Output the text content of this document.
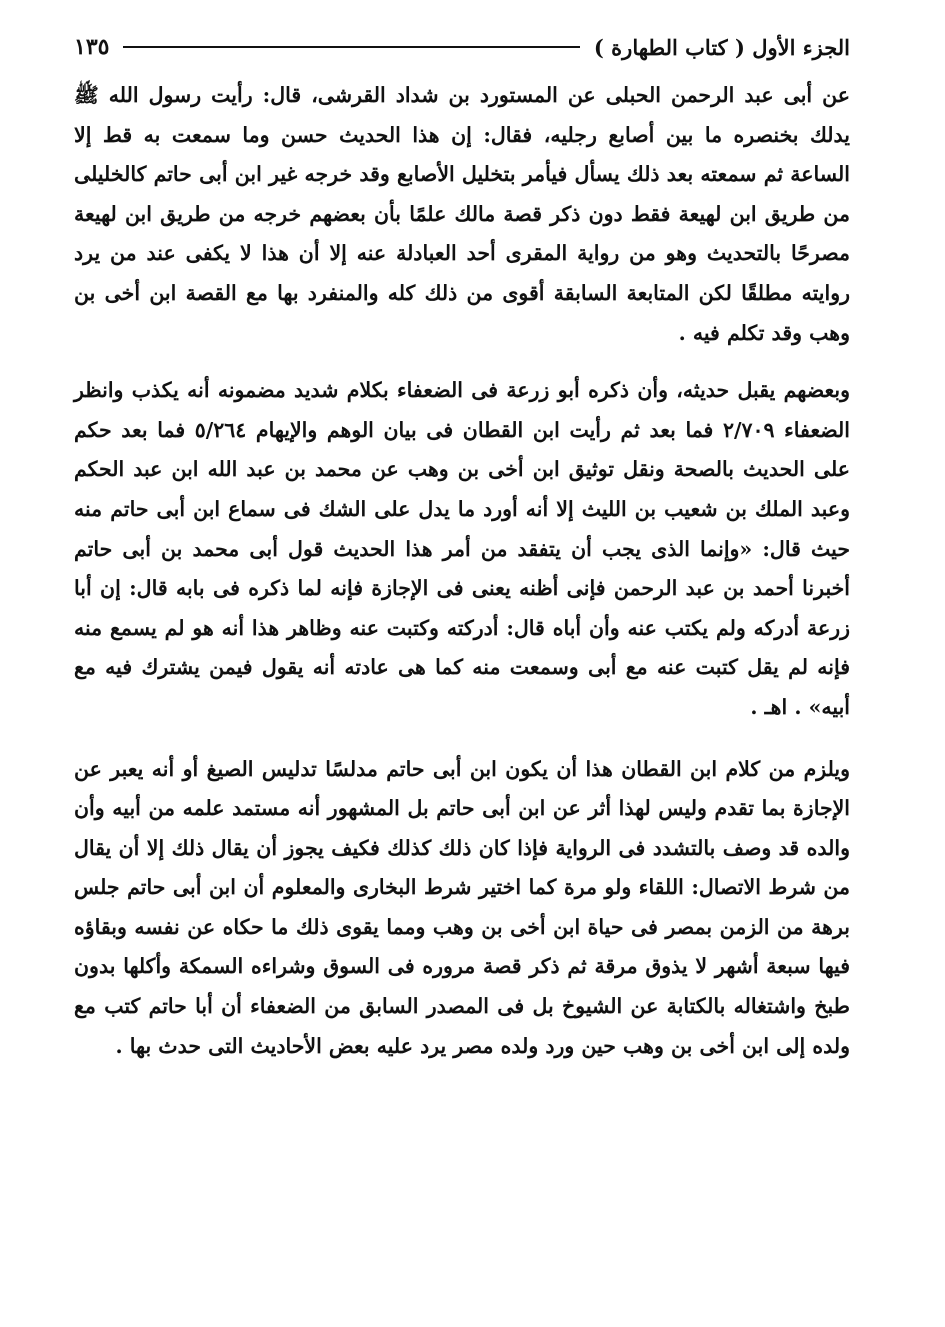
الجزء الأول ( كتاب الطهارة )
١٣٥

عن أبى عبد الرحمن الحبلى عن المستورد بن شداد القرشى، قال: رأيت رسول الله ﷺ يدلك بخنصره ما بين أصابع رجليه، فقال: إن هذا الحديث حسن وما سمعت به قط إلا الساعة ثم سمعته بعد ذلك يسأل فيأمر بتخليل الأصابع وقد خرجه غير ابن أبى حاتم كالخليلى من طريق ابن لهيعة فقط دون ذكر قصة مالك علمًا بأن بعضهم خرجه من طريق ابن لهيعة مصرحًا بالتحديث وهو من رواية المقرى أحد العبادلة عنه إلا أن هذا لا يكفى عند من يرد روايته مطلقًا لكن المتابعة السابقة أقوى من ذلك كله والمنفرد بها مع القصة ابن أخى بن وهب وقد تكلم فيه .

وبعضهم يقبل حديثه، وأن ذكره أبو زرعة فى الضعفاء بكلام شديد مضمونه أنه يكذب وانظر الضعفاء ٢/٧٠٩ فما بعد ثم رأيت ابن القطان فى بيان الوهم والإيهام ٥/٢٦٤ فما بعد حكم على الحديث بالصحة ونقل توثيق ابن أخى بن وهب عن محمد بن عبد الله ابن عبد الحكم وعبد الملك بن شعيب بن الليث إلا أنه أورد ما يدل على الشك فى سماع ابن أبى حاتم منه حيث قال: «وإنما الذى يجب أن يتفقد من أمر هذا الحديث قول أبى محمد بن أبى حاتم أخبرنا أحمد بن عبد الرحمن فإنى أظنه يعنى فى الإجازة فإنه لما ذكره فى بابه قال: إن أبا زرعة أدركه ولم يكتب عنه وأن أباه قال: أدركته وكتبت عنه وظاهر هذا أنه هو لم يسمع منه فإنه لم يقل كتبت عنه مع أبى وسمعت منه كما هى عادته أنه يقول فيمن يشترك فيه مع أبيه» . اهـ .

ويلزم من كلام ابن القطان هذا أن يكون ابن أبى حاتم مدلسًا تدليس الصيغ أو أنه يعبر عن الإجازة بما تقدم وليس لهذا أثر عن ابن أبى حاتم بل المشهور أنه مستمد علمه من أبيه وأن والده قد وصف بالتشدد فى الرواية فإذا كان ذلك كذلك فكيف يجوز أن يقال ذلك إلا أن يقال من شرط الاتصال: اللقاء ولو مرة كما اختير شرط البخارى والمعلوم أن ابن أبى حاتم جلس برهة من الزمن بمصر فى حياة ابن أخى بن وهب ومما يقوى ذلك ما حكاه عن نفسه وبقاؤه فيها سبعة أشهر لا يذوق مرقة ثم ذكر قصة مروره فى السوق وشراءه السمكة وأكلها بدون طبخ واشتغاله بالكتابة عن الشيوخ بل فى المصدر السابق من الضعفاء أن أبا حاتم كتب مع ولده إلى ابن أخى بن وهب حين ورد ولده مصر يرد عليه بعض الأحاديث التى حدث بها .
